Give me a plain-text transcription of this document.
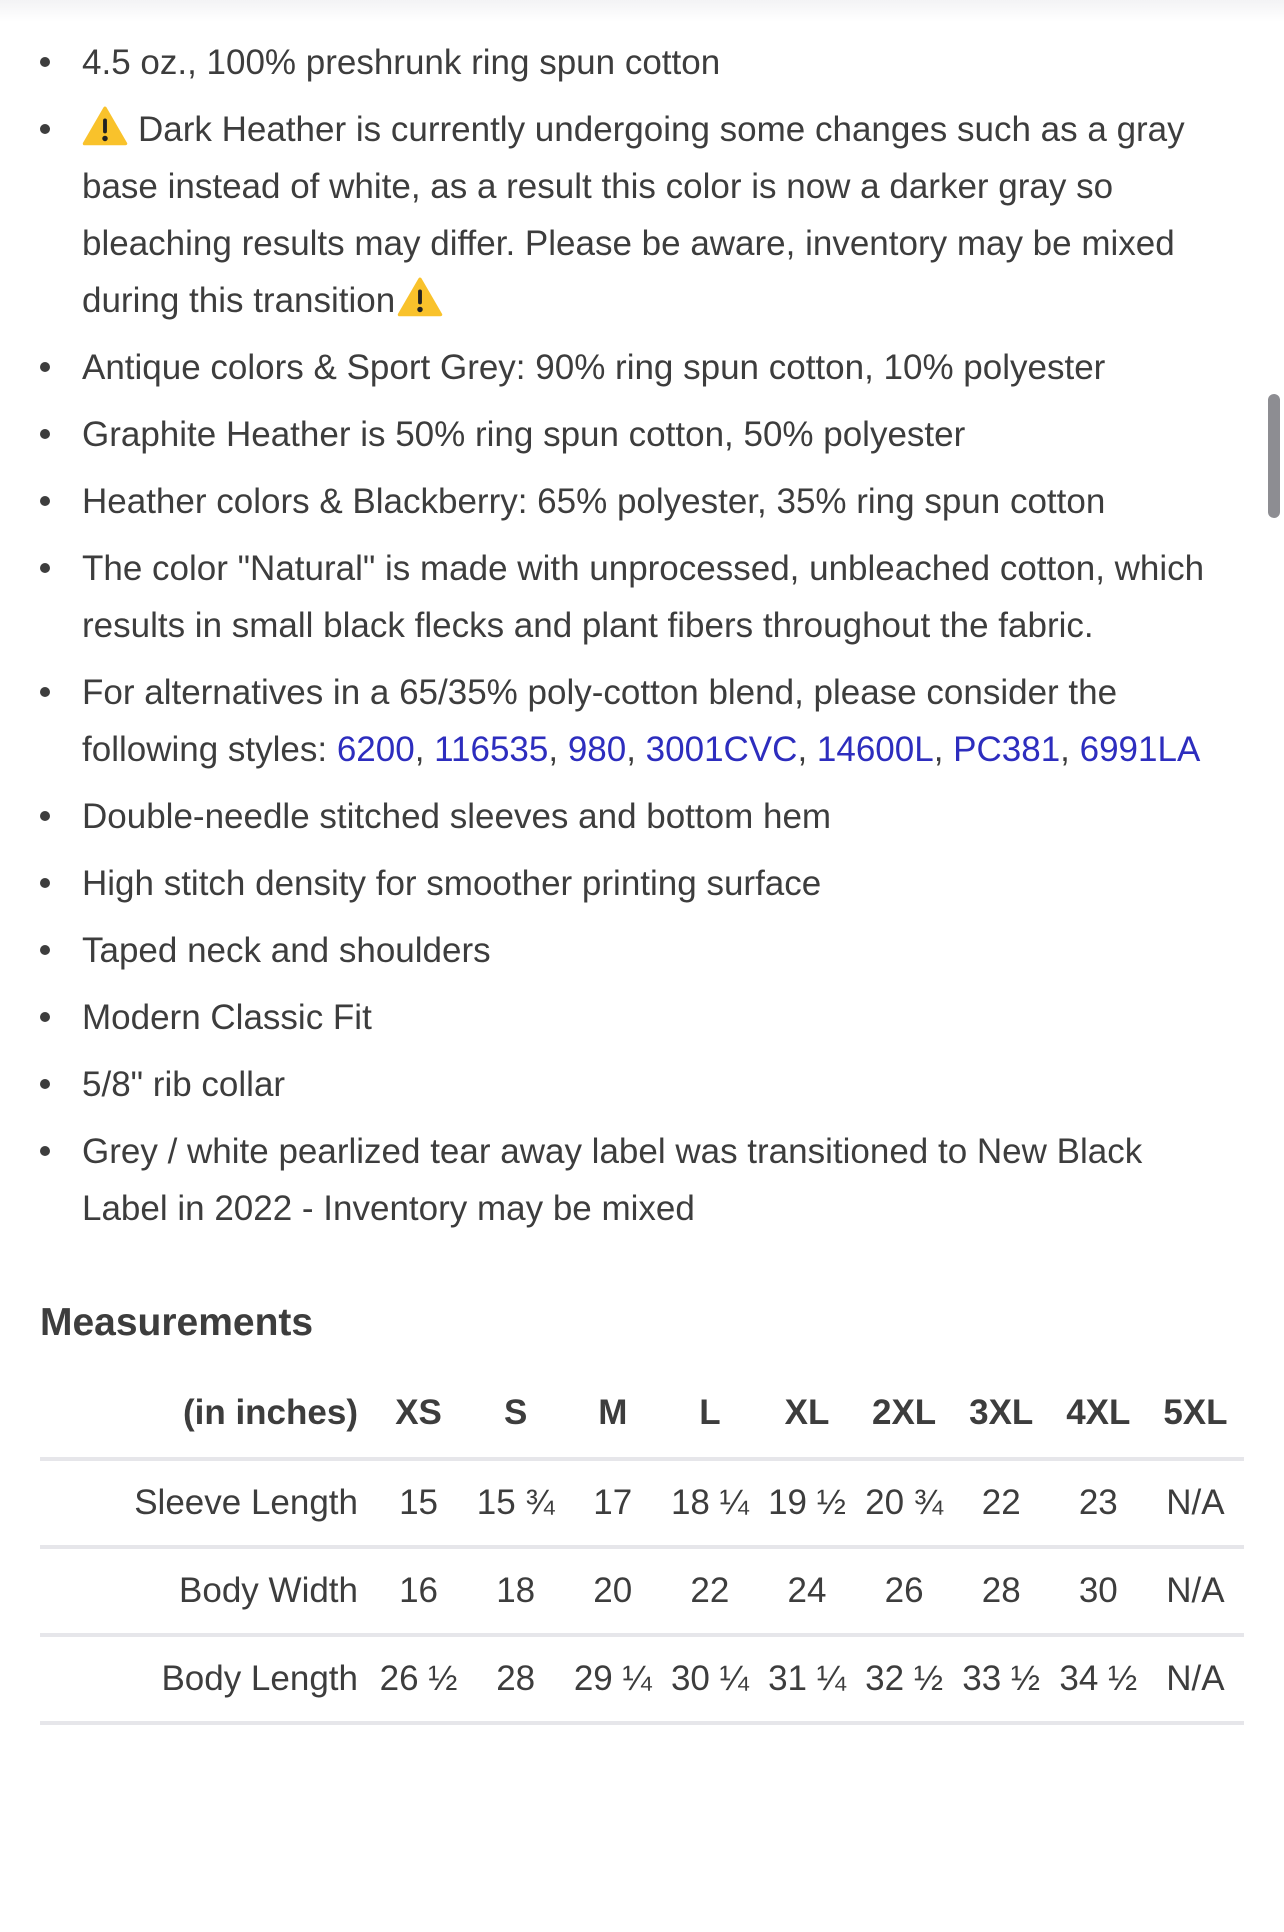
4.5 oz., 100% preshrunk ring spun cotton
Dark Heather is currently undergoing some changes such as a gray base instead of white, as a result this color is now a darker gray so bleaching results may differ. Please be aware, inventory may be mixed during this transition
Antique colors & Sport Grey: 90% ring spun cotton, 10% polyester
Graphite Heather is 50% ring spun cotton, 50% polyester
Heather colors & Blackberry: 65% polyester, 35% ring spun cotton
The color "Natural" is made with unprocessed, unbleached cotton, which results in small black flecks and plant fibers throughout the fabric.
For alternatives in a 65/35% poly-cotton blend, please consider the following styles: 6200, 116535, 980, 3001CVC, 14600L, PC381, 6991LA
Double-needle stitched sleeves and bottom hem
High stitch density for smoother printing surface
Taped neck and shoulders
Modern Classic Fit
5/8" rib collar
Grey / white pearlized tear away label was transitioned to New Black Label in 2022 - Inventory may be mixed
Measurements
(in inches)	XS	S	M	L	XL	2XL	3XL	4XL	5XL
Sleeve Length	15	15 ¾	17	18 ¼	19 ½	20 ¾	22	23	N/A
Body Width	16	18	20	22	24	26	28	30	N/A
Body Length	26 ½	28	29 ¼	30 ¼	31 ¼	32 ½	33 ½	34 ½	N/A
